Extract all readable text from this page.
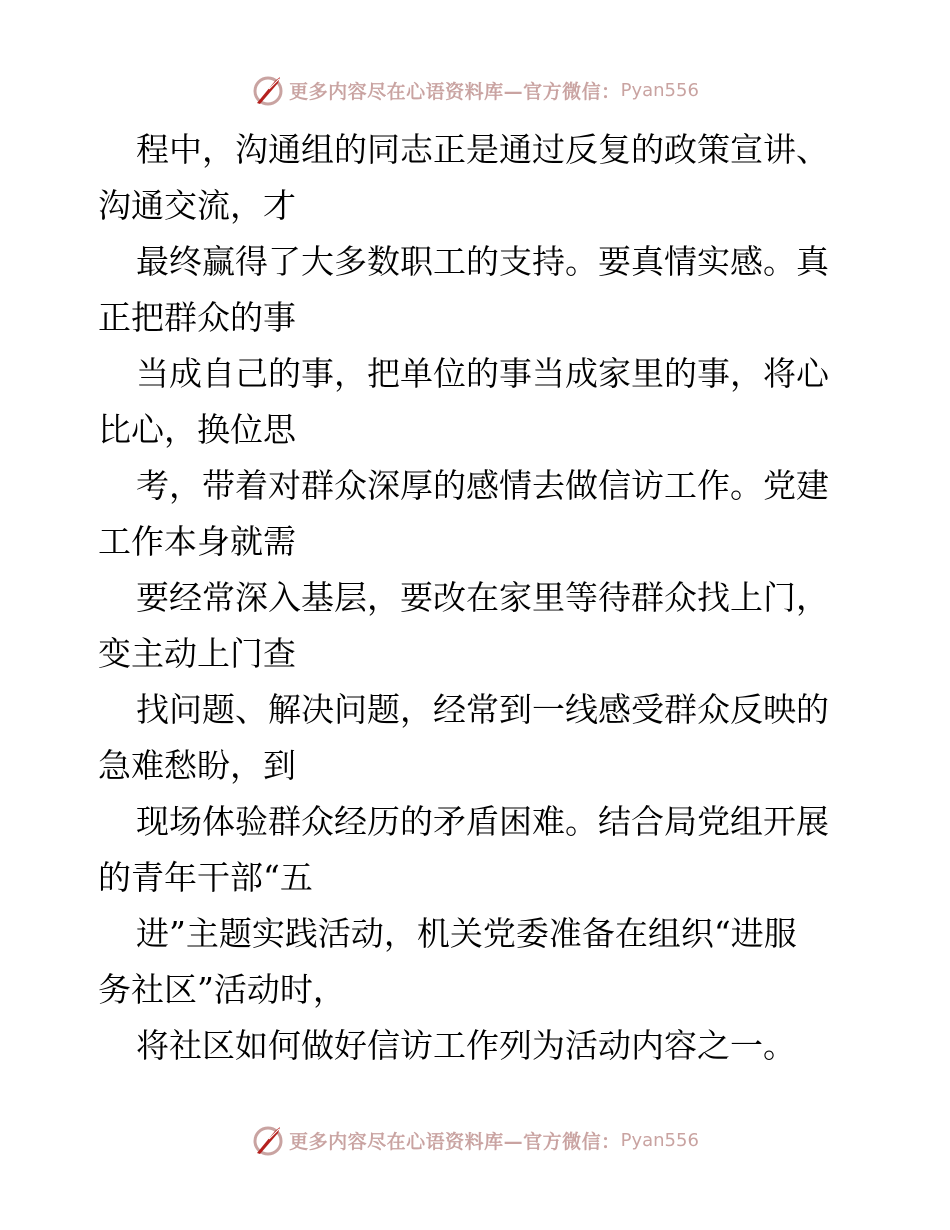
更多内容尽在心语资料库—官方微信： Pyan556
程中，沟通组的同志正是通过反复的政策宣讲、
沟通交流，才
最终赢得了大多数职工的支持。要真情实感。真
正把群众的事
当成自己的事，把单位的事当成家里的事，将心
比心，换位思
考，带着对群众深厚的感情去做信访工作。党建
工作本身就需
要经常深入基层，要改在家里等待群众找上门，
变主动上门查
找问题、解决问题，经常到一线感受群众反映的
急难愁盼，到
现场体验群众经历的矛盾困难。结合局党组开展
的青年干部“五
进”主题实践活动，机关党委准备在组织“进服
务社区”活动时，
将社区如何做好信访工作列为活动内容之一。
更多内容尽在心语资料库—官方微信： Pyan556
